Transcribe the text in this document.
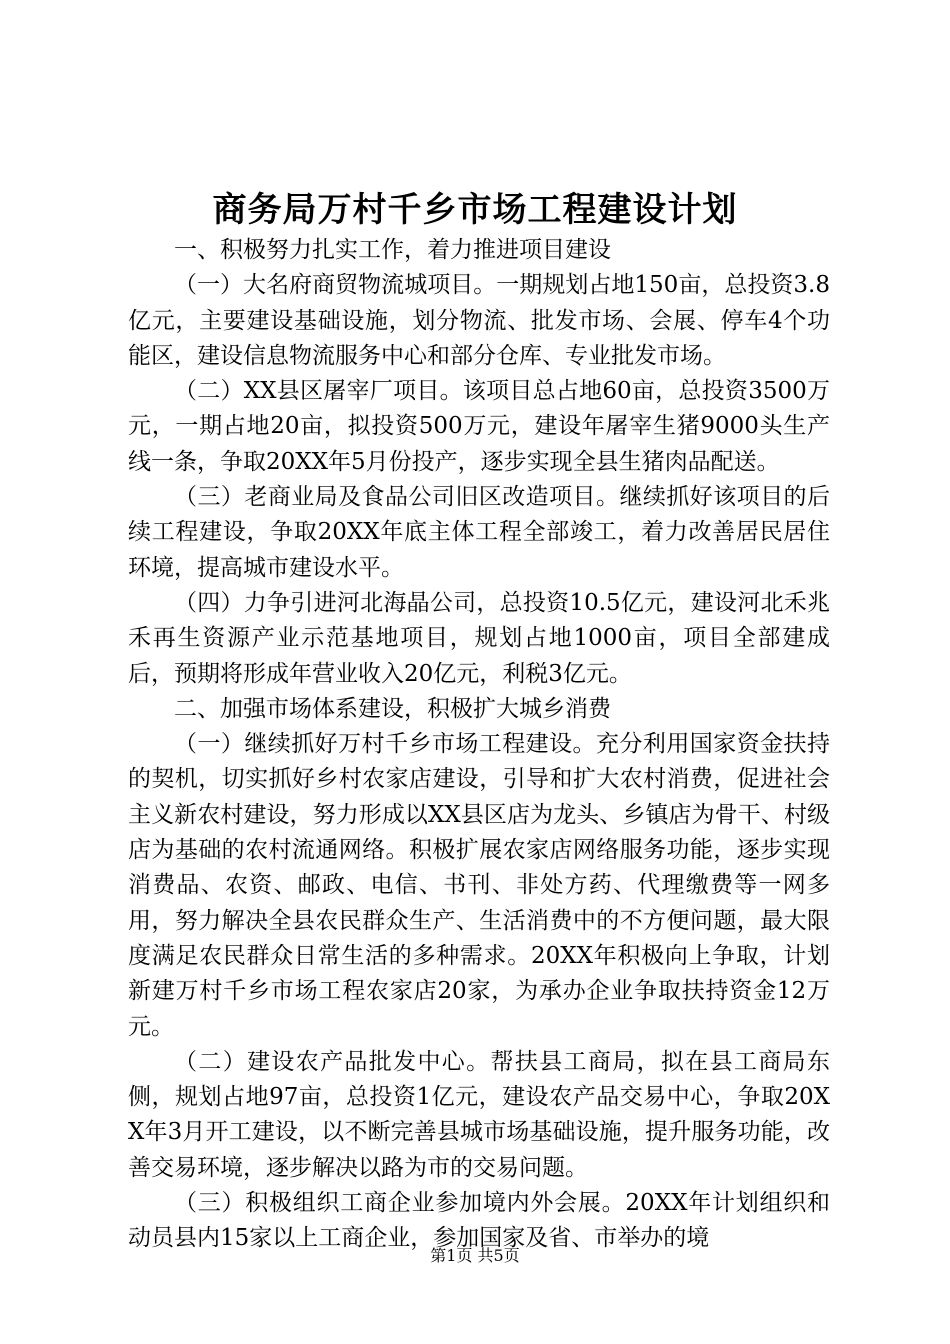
商务局万村千乡市场工程建设计划

一、积极努力扎实工作，着力推进项目建设

（一）大名府商贸物流城项目。一期规划占地150亩，总投资3.8亿元，主要建设基础设施，划分物流、批发市场、会展、停车4个功能区，建设信息物流服务中心和部分仓库、专业批发市场。

（二）XX县区屠宰厂项目。该项目总占地60亩，总投资3500万元，一期占地20亩，拟投资500万元，建设年屠宰生猪9000头生产线一条，争取20XX年5月份投产，逐步实现全县生猪肉品配送。

（三）老商业局及食品公司旧区改造项目。继续抓好该项目的后续工程建设，争取20XX年底主体工程全部竣工，着力改善居民居住环境，提高城市建设水平。

（四）力争引进河北海晶公司，总投资10.5亿元，建设河北禾兆禾再生资源产业示范基地项目，规划占地1000亩，项目全部建成后，预期将形成年营业收入20亿元，利税3亿元。

二、加强市场体系建设，积极扩大城乡消费

（一）继续抓好万村千乡市场工程建设。充分利用国家资金扶持的契机，切实抓好乡村农家店建设，引导和扩大农村消费，促进社会主义新农村建设，努力形成以XX县区店为龙头、乡镇店为骨干、村级店为基础的农村流通网络。积极扩展农家店网络服务功能，逐步实现消费品、农资、邮政、电信、书刊、非处方药、代理缴费等一网多用，努力解决全县农民群众生产、生活消费中的不方便问题，最大限度满足农民群众日常生活的多种需求。20XX年积极向上争取，计划新建万村千乡市场工程农家店20家，为承办企业争取扶持资金12万元。

（二）建设农产品批发中心。帮扶县工商局，拟在县工商局东侧，规划占地97亩，总投资1亿元，建设农产品交易中心，争取20XX年3月开工建设，以不断完善县城市场基础设施，提升服务功能，改善交易环境，逐步解决以路为市的交易问题。

（三）积极组织工商企业参加境内外会展。20XX年计划组织和动员县内15家以上工商企业，参加国家及省、市举办的境

第1页 共5页
